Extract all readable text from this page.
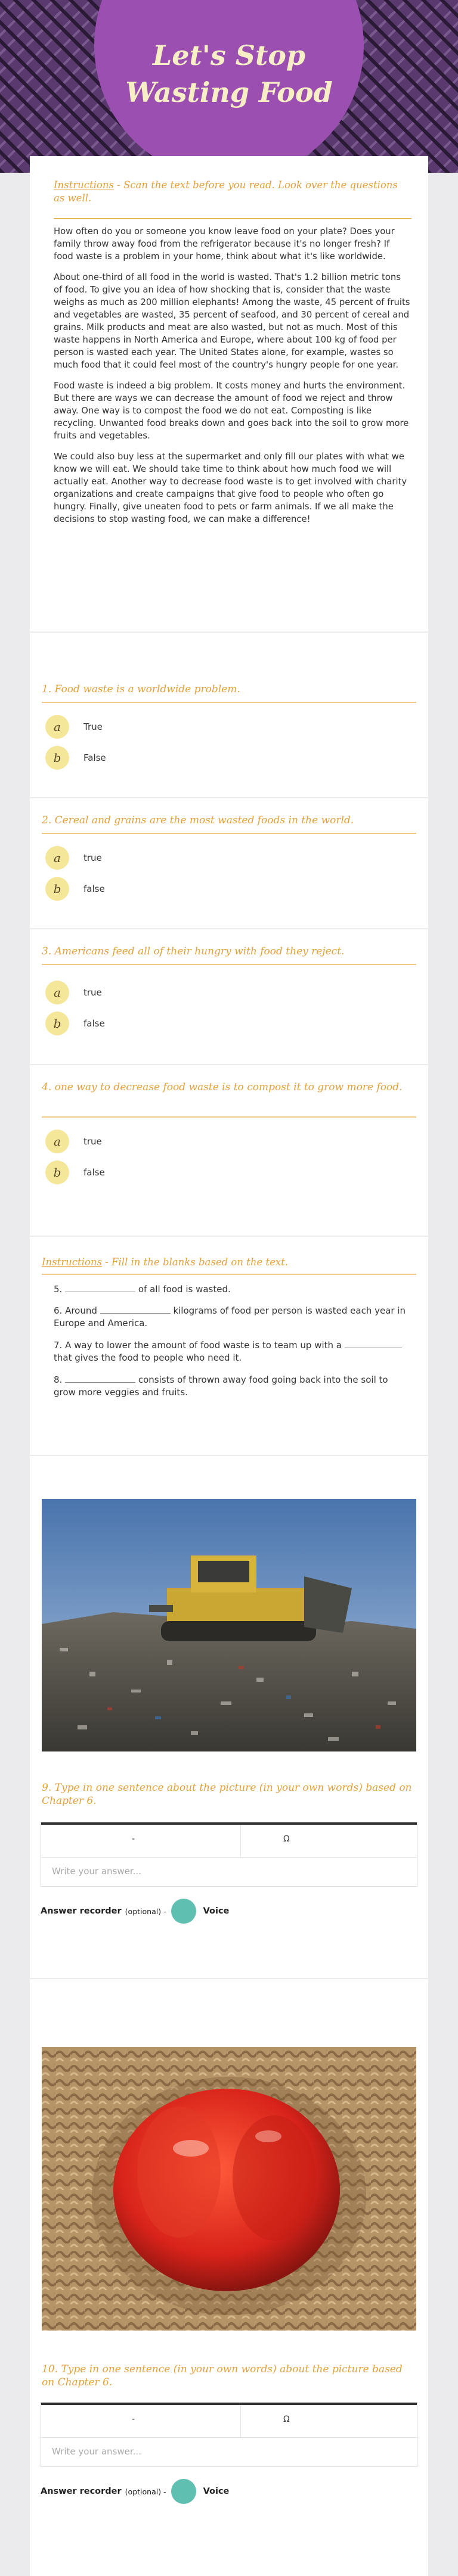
Let's Stop
Wasting Food
Instructions - Scan the text before you read. Look over the questions as well.

How often do you or someone you know leave food on your plate? Does your family throw away food from the refrigerator because it's no longer fresh? If food waste is a problem in your home, think about what it's like worldwide.

About one-third of all food in the world is wasted. That's 1.2 billion metric tons of food. To give you an idea of how shocking that is, consider that the waste weighs as much as 200 million elephants! Among the waste, 45 percent of fruits and vegetables are wasted, 35 percent of seafood, and 30 percent of cereal and grains. Milk products and meat are also wasted, but not as much. Most of this waste happens in North America and Europe, where about 100 kg of food per person is wasted each year. The United States alone, for example, wastes so much food that it could feel most of the country's hungry people for one year.

Food waste is indeed a big problem. It costs money and hurts the environment. But there are ways we can decrease the amount of food we reject and throw away. One way is to compost the food we do not eat. Composting is like recycling. Unwanted food breaks down and goes back into the soil to grow more fruits and vegetables.

We could also buy less at the supermarket and only fill our plates with what we know we will eat. We should take time to think about how much food we will actually eat. Another way to decrease food waste is to get involved with charity organizations and create campaigns that give food to people who often go hungry. Finally, give uneaten food to pets or farm animals. If we all make the decisions to stop wasting food, we can make a difference!

1. Food waste is a worldwide problem.
a	True
b	False
2. Cereal and grains are the most wasted foods in the world.
a	true
b	false
3. Americans feed all of their hungry with food they reject.
a	true
b	false
4. one way to decrease food waste is to compost it to grow more food.
a	true
b	false
Instructions - Fill in the blanks based on the text.
5.	of all food is wasted.
6. Around	kilograms of food per person is wasted each year in Europe and America.
7. A way to lower the amount of food waste is to team up with a  that gives the food to people who need it.
8.	consists of thrown away food going back into the soil to grow more veggies and fruits.
9. Type in one sentence about the picture (in your own words) based on Chapter 6.
-	Ω
Write your answer...
Answer recorder (optional) -	Voice
10. Type in one sentence (in your own words) about the picture based on Chapter 6.
-	Ω
Write your answer...
Answer recorder (optional) -	Voice
